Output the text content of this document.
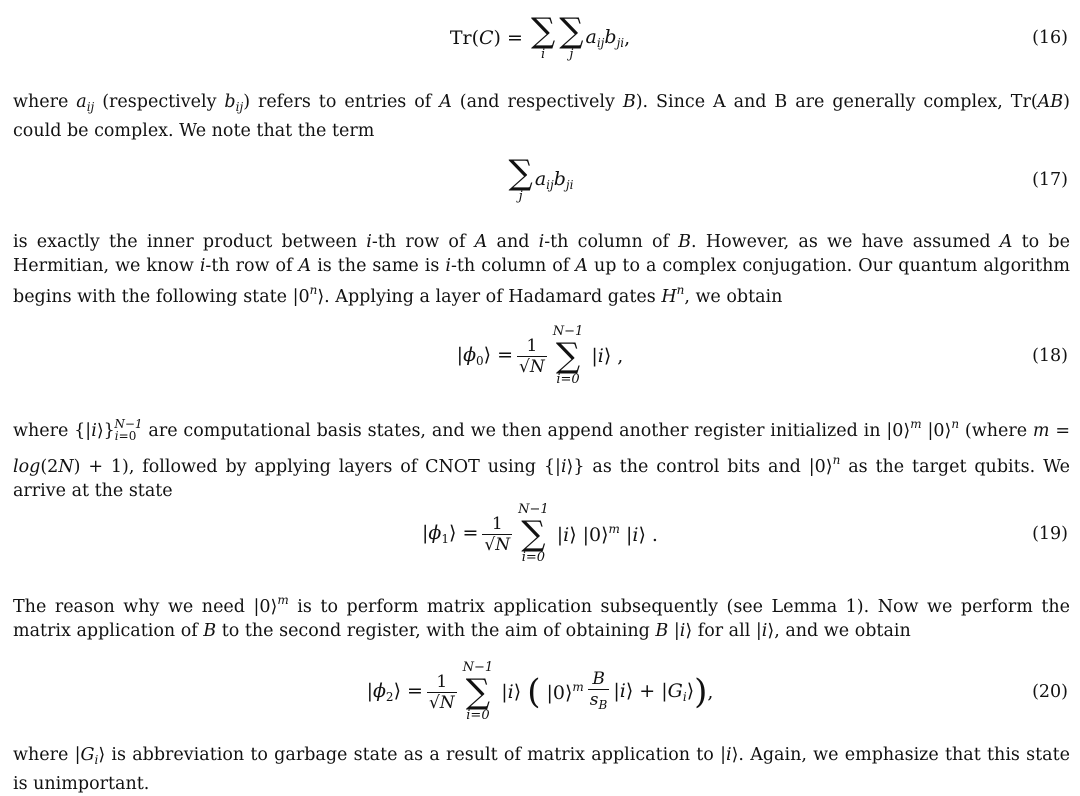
Tr(C) = ∑
i
∑
j
$a_{ij}b_{ji}$ ,	(16)

where $a_{ij}$ (respectively $b_{ij}$) refers to entries of A (and respectively B). Since A and B are generally complex, Tr(AB) could be complex. We note that the term

∑
j
$a_{ij}b_{ji}$	(17)

is exactly the inner product between i-th row of A and i-th column of B. However, as we have assumed A to be Hermitian, we know i-th row of A is the same is i-th column of A up to a complex conjugation. Our quantum algorithm begins with the following state |0$^n$⟩. Applying a layer of Hadamard gates $H^n$, we obtain

$|\phi_0⟩ = \frac{1}{√N}$
N−1
∑
i=0
|i⟩ ,	(18)

where $\{|i⟩\}_{i=0}^{N-1}$ are computational basis states, and we then append another register initialized in |0⟩$^m$ |0⟩$^n$ (where m = log(2N) + 1), followed by applying layers of CNOT using {|i⟩} as the control bits and |0⟩$^n$ as the target qubits. We arrive at the state

$|\phi_1⟩ = \frac{1}{√N}$
N−1
∑
i=0
|i⟩ |0⟩$^m$ |i⟩ .	(19)

The reason why we need |0⟩$^m$ is to perform matrix application subsequently (see Lemma 1). Now we perform the matrix application of B to the second register, with the aim of obtaining B |i⟩ for all |i⟩, and we obtain

$|\phi_2⟩ = \frac{1}{√N}$
N−1
∑
i=0
|i⟩ ( |0⟩$^m$ $\frac{B}{s_B}$ |i⟩ + $|G_i⟩$ ) ,	(20)

where $|G_i⟩$ is abbreviation to garbage state as a result of matrix application to |i⟩. Again, we emphasize that this state is unimportant.
